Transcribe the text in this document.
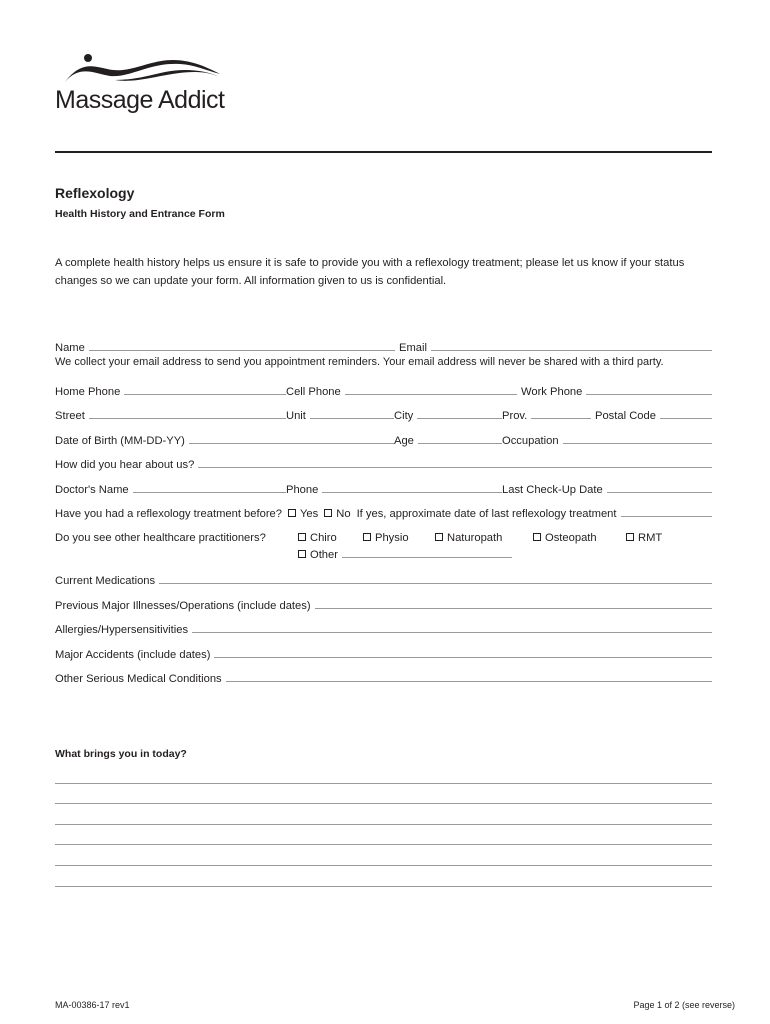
Massage Addict
Reflexology
Health History and Entrance Form
A complete health history helps us ensure it is safe to provide you with a reflexology treatment; please let us know if your status changes so we can update your form. All information given to us is confidential.
Name	Email
We collect your email address to send you appointment reminders. Your email address will never be shared with a third party.
Home Phone	Cell Phone	Work Phone
Street	Unit	City	Prov.	Postal Code
Date of Birth (MM-DD-YY)	Age	Occupation
How did you hear about us?
Doctor's Name	Phone	Last Check-Up Date
Have you had a reflexology treatment before?	Yes No If yes, approximate date of last reflexology treatment
Do you see other healthcare practitioners?	Chiro	Physio	Naturopath	Osteopath	RMT
Other
Current Medications
Previous Major Illnesses/Operations (include dates)
Allergies/Hypersensitivities
Major Accidents (include dates)
Other Serious Medical Conditions
What brings you in today?
MA-00386-17 rev1	Page 1 of 2 (see reverse)
